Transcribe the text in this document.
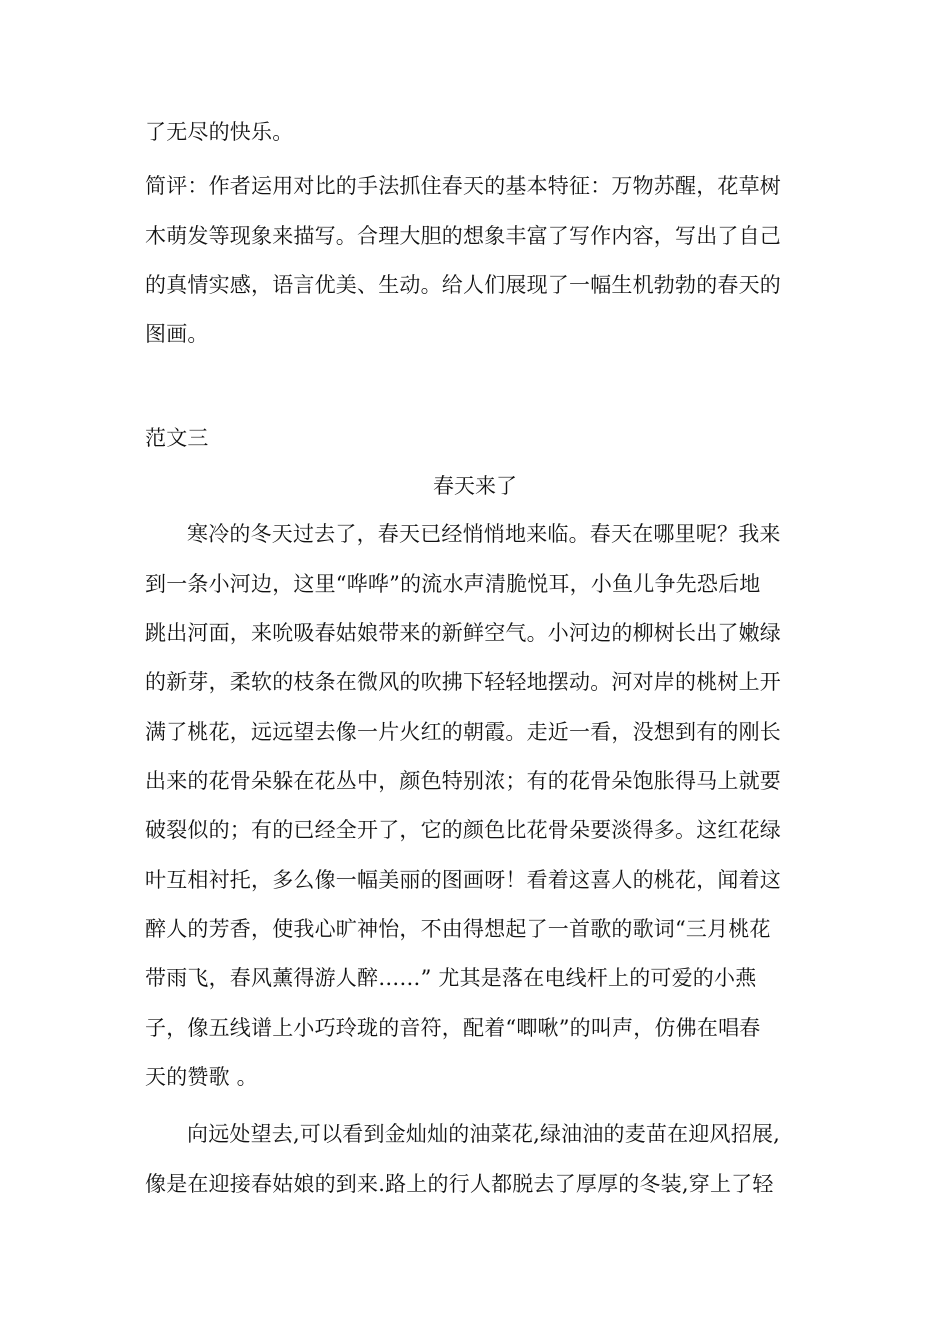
了无尽的快乐。
简评：作者运用对比的手法抓住春天的基本特征：万物苏醒，花草树
木萌发等现象来描写。合理大胆的想象丰富了写作内容，写出了自己
的真情实感，语言优美、生动。给人们展现了一幅生机勃勃的春天的
图画。
范文三
春天来了
寒冷的冬天过去了，春天已经悄悄地来临。春天在哪里呢？我来
到一条小河边，这里“哗哗”的流水声清脆悦耳，小鱼儿争先恐后地
跳出河面，来吮吸春姑娘带来的新鲜空气。小河边的柳树长出了嫩绿
的新芽，柔软的枝条在微风的吹拂下轻轻地摆动。河对岸的桃树上开
满了桃花，远远望去像一片火红的朝霞。走近一看，没想到有的刚长
出来的花骨朵躲在花丛中，颜色特别浓；有的花骨朵饱胀得马上就要
破裂似的；有的已经全开了，它的颜色比花骨朵要淡得多。这红花绿
叶互相衬托，多么像一幅美丽的图画呀！看着这喜人的桃花，闻着这
醉人的芳香，使我心旷神怡，不由得想起了一首歌的歌词“三月桃花
带雨飞，春风薰得游人醉……” 尤其是落在电线杆上的可爱的小燕
子，像五线谱上小巧玲珑的音符，配着“唧啾”的叫声，仿佛在唱春
天的赞歌 。
向远处望去,可以看到金灿灿的油菜花,绿油油的麦苗在迎风招展,
像是在迎接春姑娘的到来.路上的行人都脱去了厚厚的冬装,穿上了轻
